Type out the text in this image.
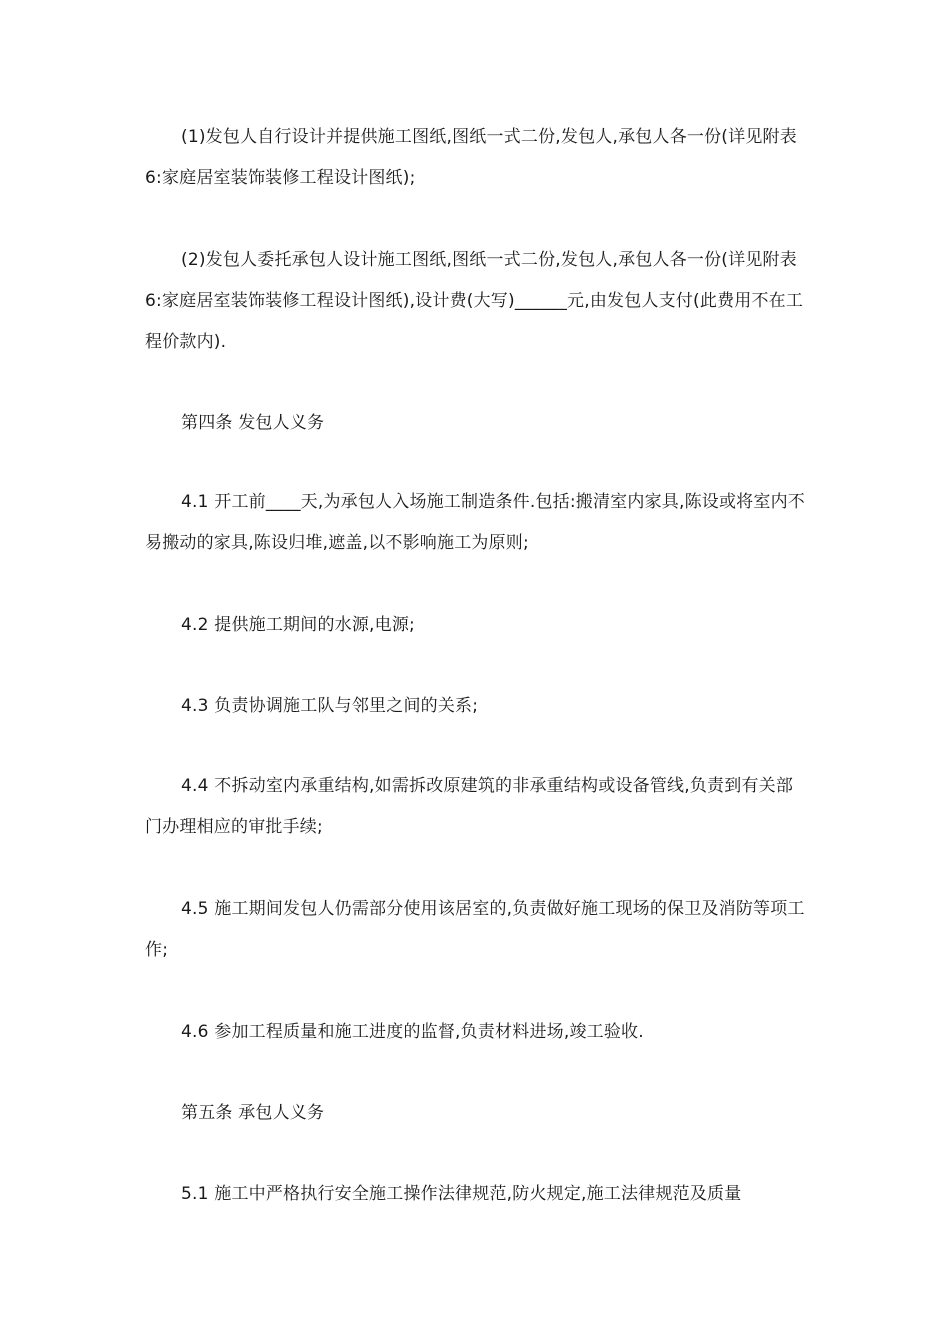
(1)发包人自行设计并提供施工图纸,图纸一式二份,发包人,承包人各一份(详见附表6:家庭居室装饰装修工程设计图纸);

(2)发包人委托承包人设计施工图纸,图纸一式二份,发包人,承包人各一份(详见附表6:家庭居室装饰装修工程设计图纸),设计费(大写)______元,由发包人支付(此费用不在工程价款内).

第四条 发包人义务

4.1 开工前____天,为承包人入场施工制造条件.包括:搬清室内家具,陈设或将室内不易搬动的家具,陈设归堆,遮盖,以不影响施工为原则;

4.2 提供施工期间的水源,电源;

4.3 负责协调施工队与邻里之间的关系;

4.4 不拆动室内承重结构,如需拆改原建筑的非承重结构或设备管线,负责到有关部门办理相应的审批手续;

4.5 施工期间发包人仍需部分使用该居室的,负责做好施工现场的保卫及消防等项工作;

4.6 参加工程质量和施工进度的监督,负责材料进场,竣工验收.

第五条 承包人义务

5.1 施工中严格执行安全施工操作法律规范,防火规定,施工法律规范及质量
